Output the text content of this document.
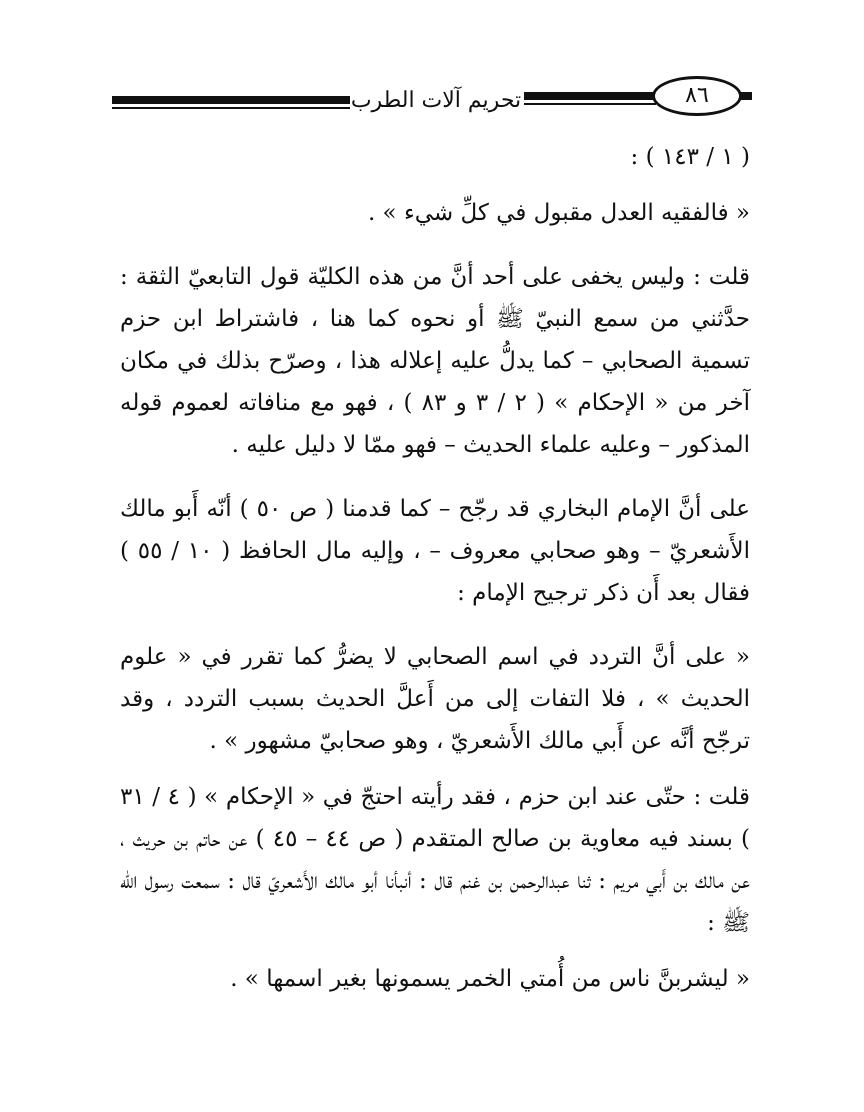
تحريم آلات الطرب	٨٦

( ١ / ١٤٣ ) :

« فالفقيه العدل مقبول في كلِّ شيء » .

قلت : وليس يخفى على أحد أنَّ من هذه الكليّة قول التابعيّ الثقة : حدَّثني من سمع النبيّ ﷺ أو نحوه كما هنا ، فاشتراط ابن حزم تسمية الصحابي – كما يدلُّ عليه إعلاله هذا ، وصرّح بذلك في مكان آخر من « الإحكام » ( ٢ / ٣ و ٨٣ ) ، فهو مع منافاته لعموم قوله المذكور – وعليه علماء الحديث – فهو ممّا لا دليل عليه .

على أنَّ الإمام البخاري قد رجّح – كما قدمنا ( ص ٥٠ ) أنّه أَبو مالك الأَشعريّ – وهو صحابي معروف – ، وإليه مال الحافظ ( ١٠ / ٥٥ ) فقال بعد أَن ذكر ترجيح الإمام :

« على أنَّ التردد في اسم الصحابي لا يضرُّ كما تقرر في « علوم الحديث » ، فلا التفات إلى من أَعلَّ الحديث بسبب التردد ، وقد ترجّح أنَّه عن أَبي مالك الأَشعريّ ، وهو صحابيّ مشهور » .

قلت : حتّى عند ابن حزم ، فقد رأيته احتجّ في « الإحكام » ( ٤ / ٣١ ) بسند فيه معاوية بن صالح المتقدم ( ص ٤٤ – ٤٥ ) عن حاتم بن حريث ، عن مالك بن أَبي مريم : ثنا عبدالرحمن بن غنم قال : أنبأنا أبو مالك الأَشعريّ قال : سمعت رسول الله ﷺ :

« ليشربنَّ ناس من أُمتي الخمر يسمونها بغير اسمها » .
